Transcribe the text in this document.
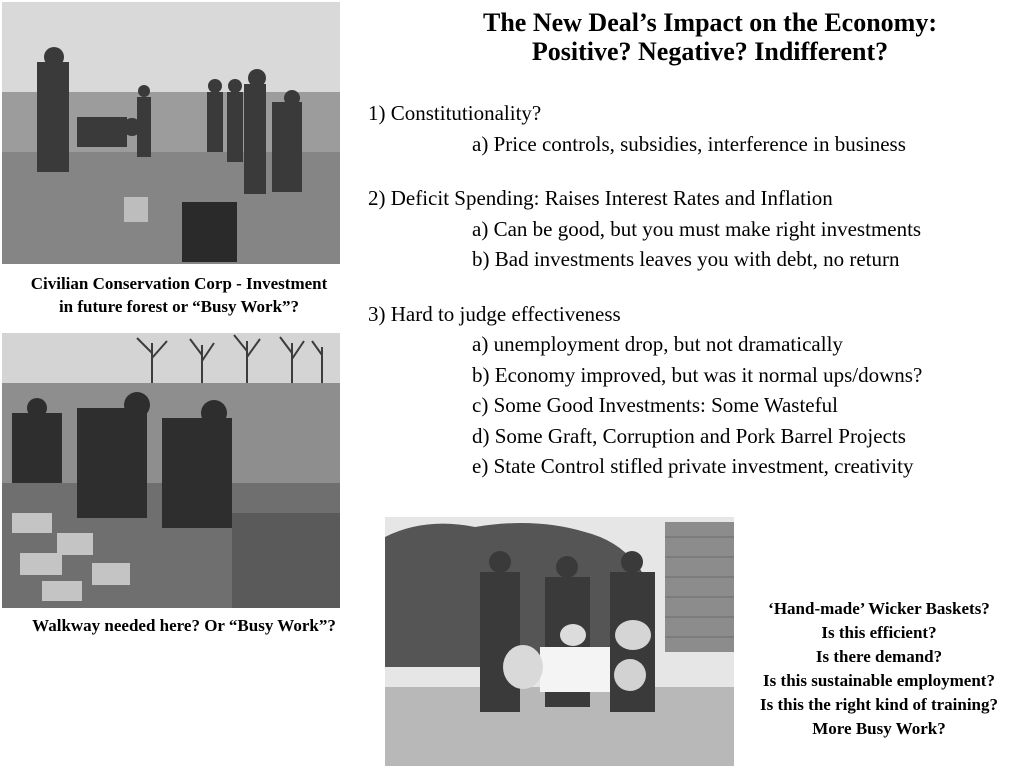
Civilian Conservation Corp - Investment
in future forest or “Busy Work”?
Walkway needed here? Or “Busy Work”?
‘Hand-made’ Wicker Baskets?
Is this efficient?
Is there demand?
Is this sustainable employment?
Is this the right kind of training?
More Busy Work?
The New Deal’s Impact on the Economy:
Positive? Negative? Indifferent?
1) Constitutionality?
a) Price controls, subsidies, interference in business
2) Deficit Spending: Raises Interest Rates and Inflation
a) Can be good, but you must make right investments
b) Bad investments leaves you with debt, no return
3) Hard to judge effectiveness
a) unemployment drop, but not dramatically
b) Economy improved, but was it normal ups/downs?
c) Some Good Investments: Some Wasteful
d) Some Graft, Corruption and Pork Barrel Projects
e) State Control stifled private investment, creativity
